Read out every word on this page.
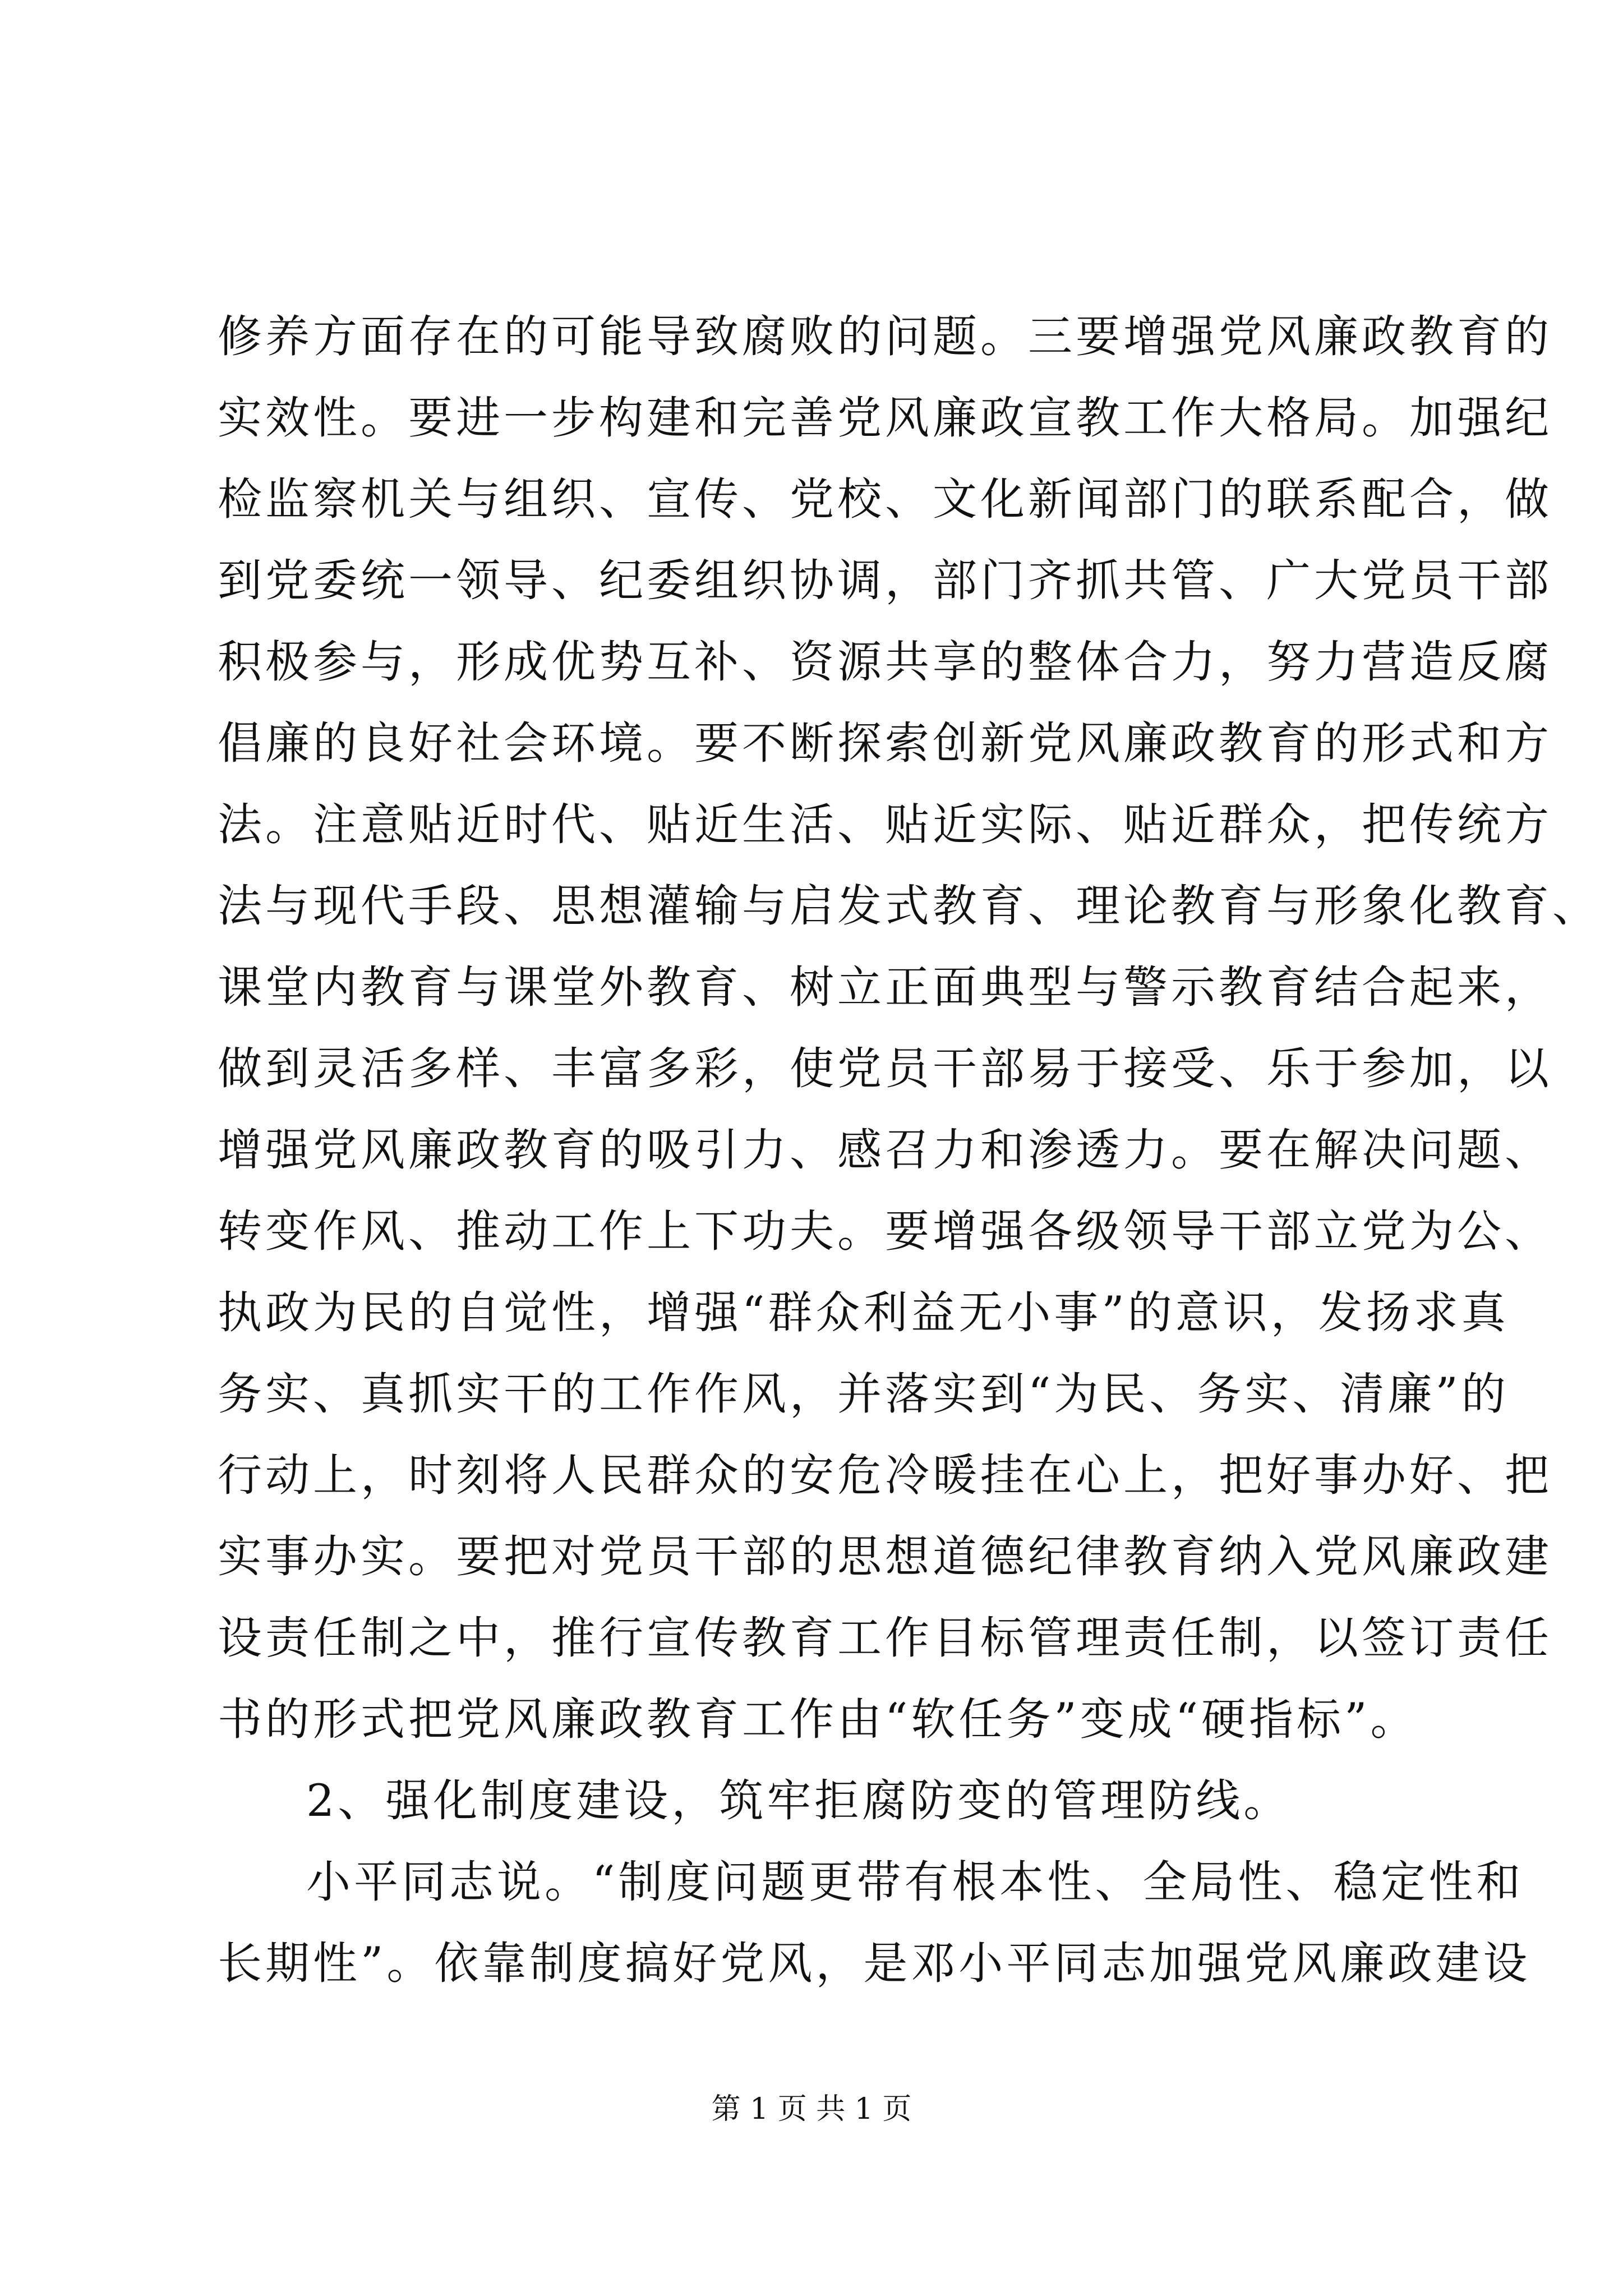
修养方面存在的可能导致腐败的问题。三要增强党风廉政教育的
实效性。要进一步构建和完善党风廉政宣教工作大格局。加强纪
检监察机关与组织、宣传、党校、文化新闻部门的联系配合，做
到党委统一领导、纪委组织协调，部门齐抓共管、广大党员干部
积极参与，形成优势互补、资源共享的整体合力，努力营造反腐
倡廉的良好社会环境。要不断探索创新党风廉政教育的形式和方
法。注意贴近时代、贴近生活、贴近实际、贴近群众，把传统方
法与现代手段、思想灌输与启发式教育、理论教育与形象化教育、
课堂内教育与课堂外教育、树立正面典型与警示教育结合起来，
做到灵活多样、丰富多彩，使党员干部易于接受、乐于参加，以
增强党风廉政教育的吸引力、感召力和渗透力。要在解决问题、
转变作风、推动工作上下功夫。要增强各级领导干部立党为公、
执政为民的自觉性，增强“群众利益无小事”的意识，发扬求真
务实、真抓实干的工作作风，并落实到“为民、务实、清廉”的
行动上，时刻将人民群众的安危冷暖挂在心上，把好事办好、把
实事办实。要把对党员干部的思想道德纪律教育纳入党风廉政建
设责任制之中，推行宣传教育工作目标管理责任制，以签订责任
书的形式把党风廉政教育工作由“软任务”变成“硬指标”。
2、强化制度建设，筑牢拒腐防变的管理防线。
小平同志说。“制度问题更带有根本性、全局性、稳定性和
长期性”。依靠制度搞好党风，是邓小平同志加强党风廉政建设
第 1 页 共 1 页
